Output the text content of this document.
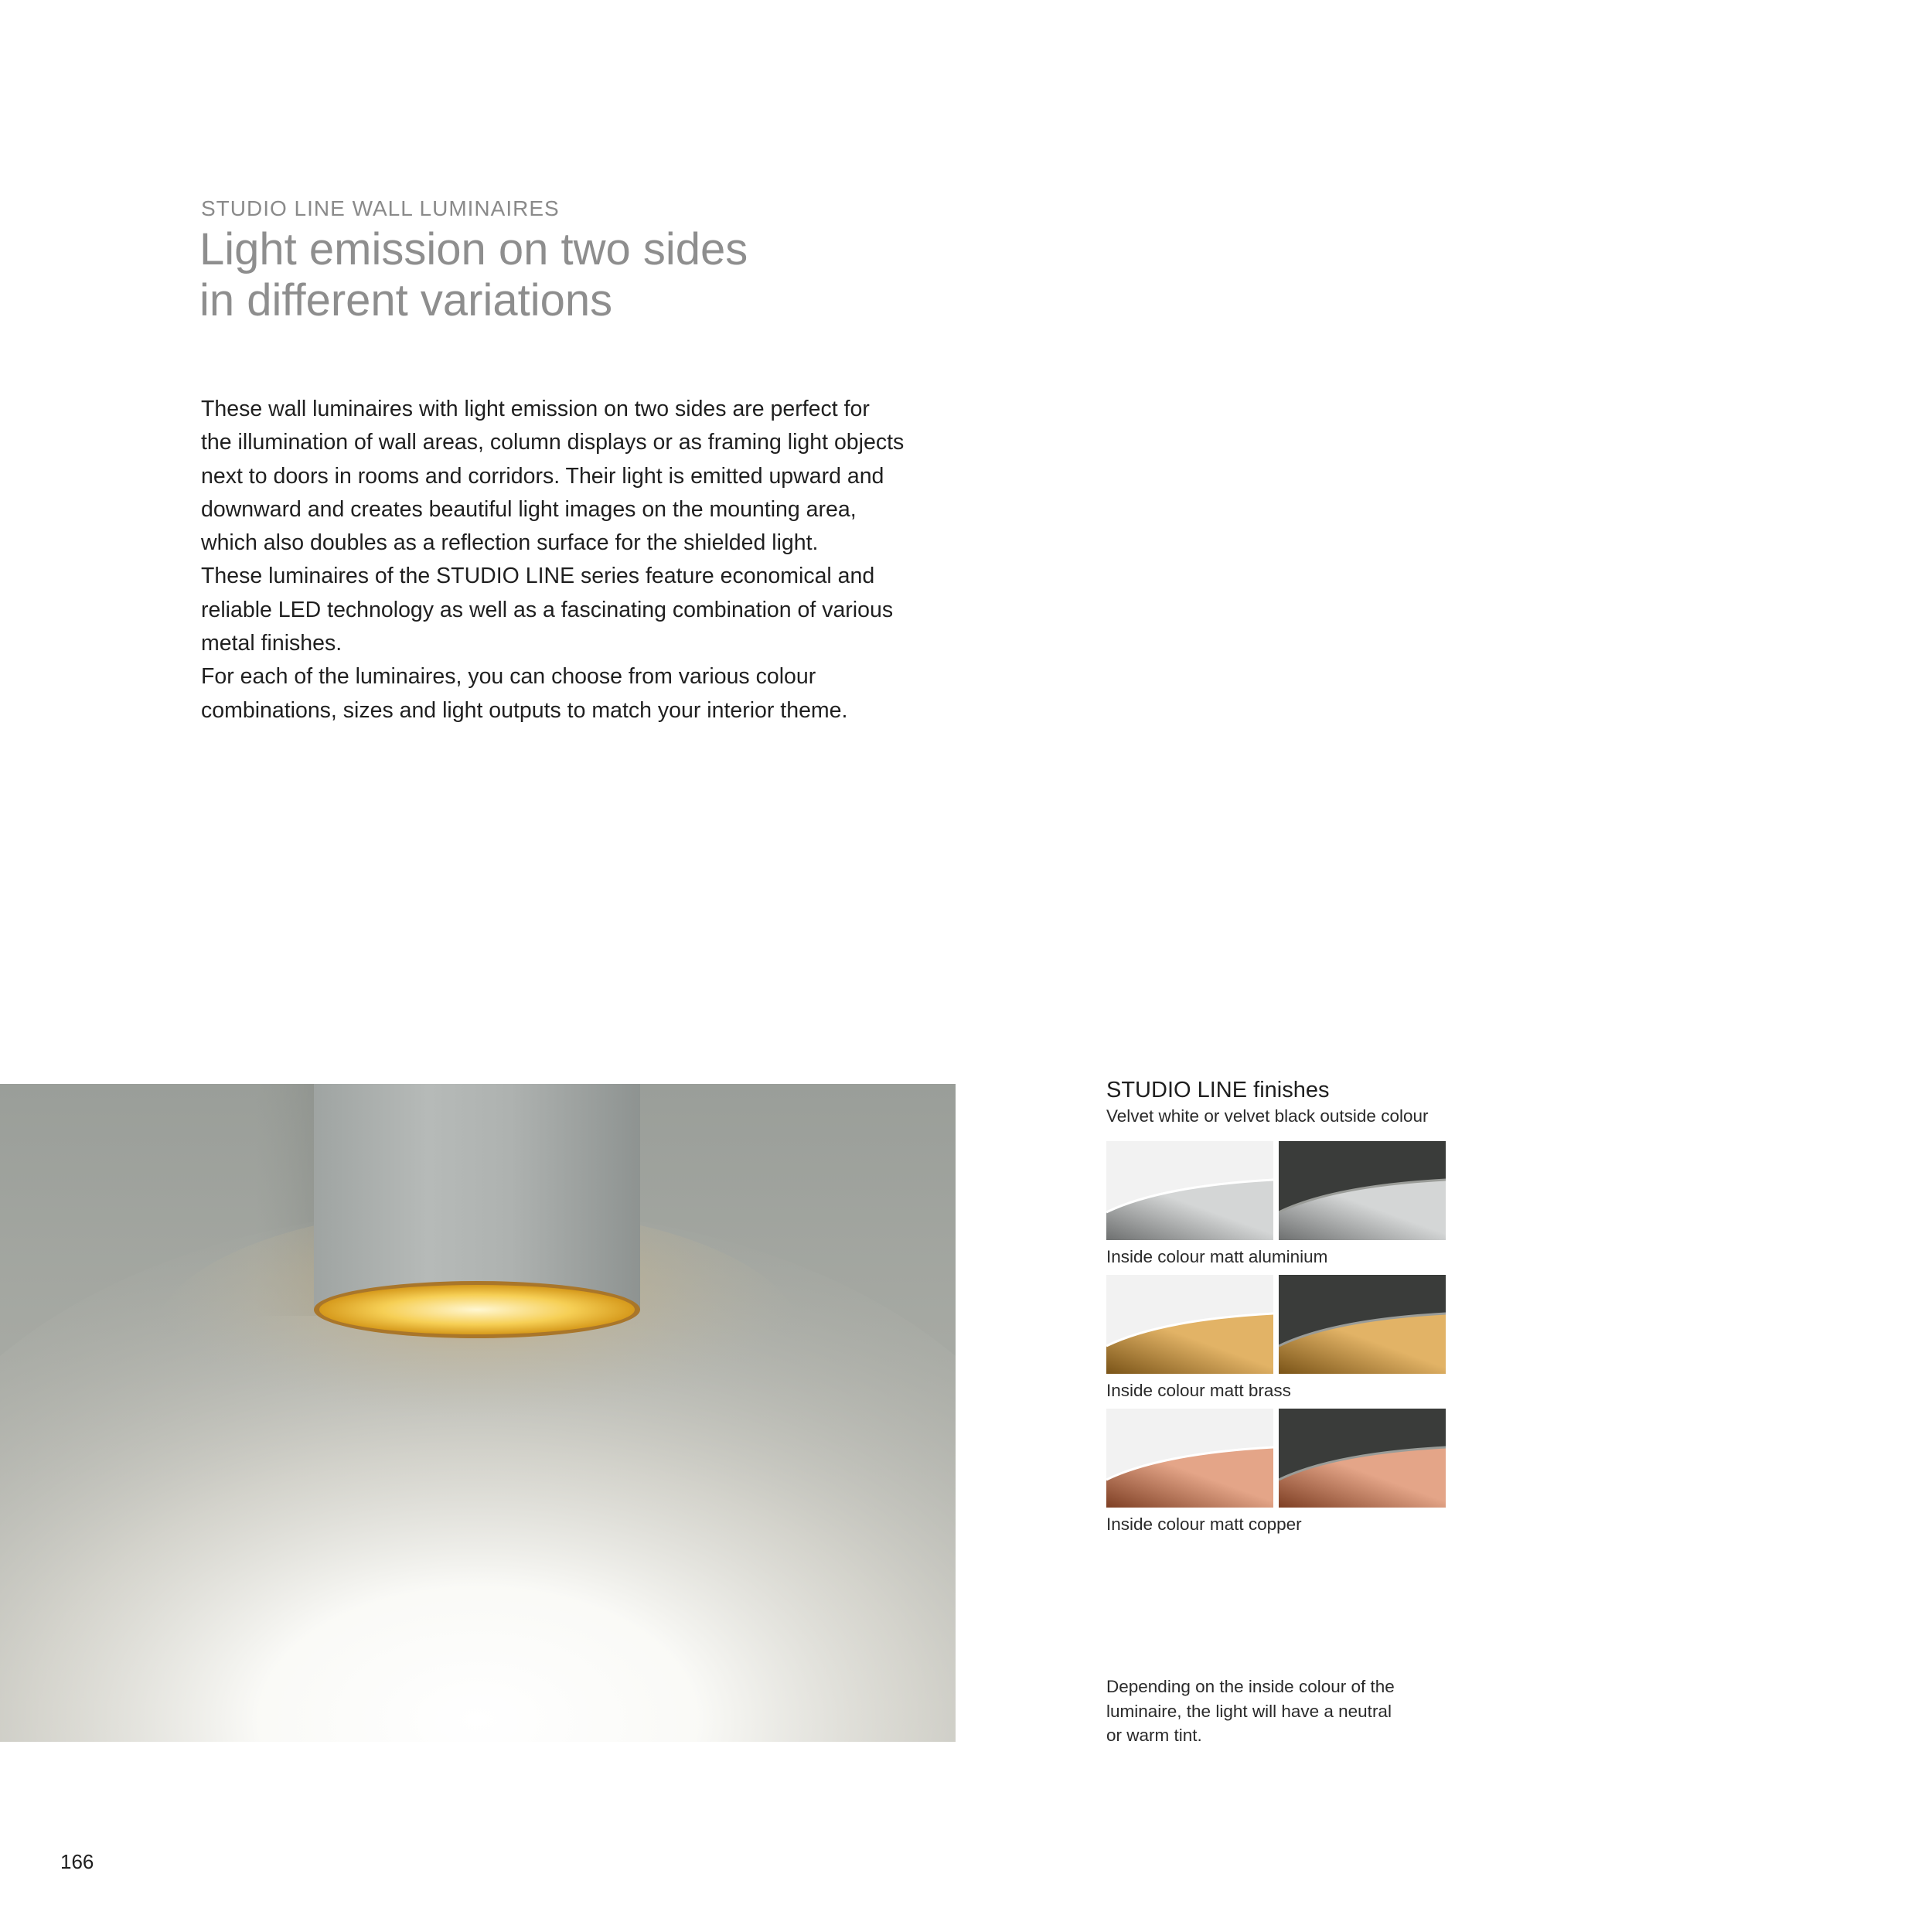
STUDIO LINE WALL LUMINAIRES
Light emission on two sides
in different variations

These wall luminaires with light emission on two sides are perfect for
the illumination of wall areas, column displays or as framing light objects
next to doors in rooms and corridors. Their light is emitted upward and
downward and creates beautiful light images on the mounting area,
which also doubles as a reflection surface for the shielded light.

These luminaires of the STUDIO LINE series feature economical and
reliable LED technology as well as a fascinating combination of various
metal finishes.

For each of the luminaires, you can choose from various colour
combinations, sizes and light outputs to match your interior theme.

STUDIO LINE finishes
Velvet white or velvet black outside colour
Inside colour matt aluminium
Inside colour matt brass
Inside colour matt copper

Depending on the inside colour of the
luminaire, the light will have a neutral
or warm tint.

166
